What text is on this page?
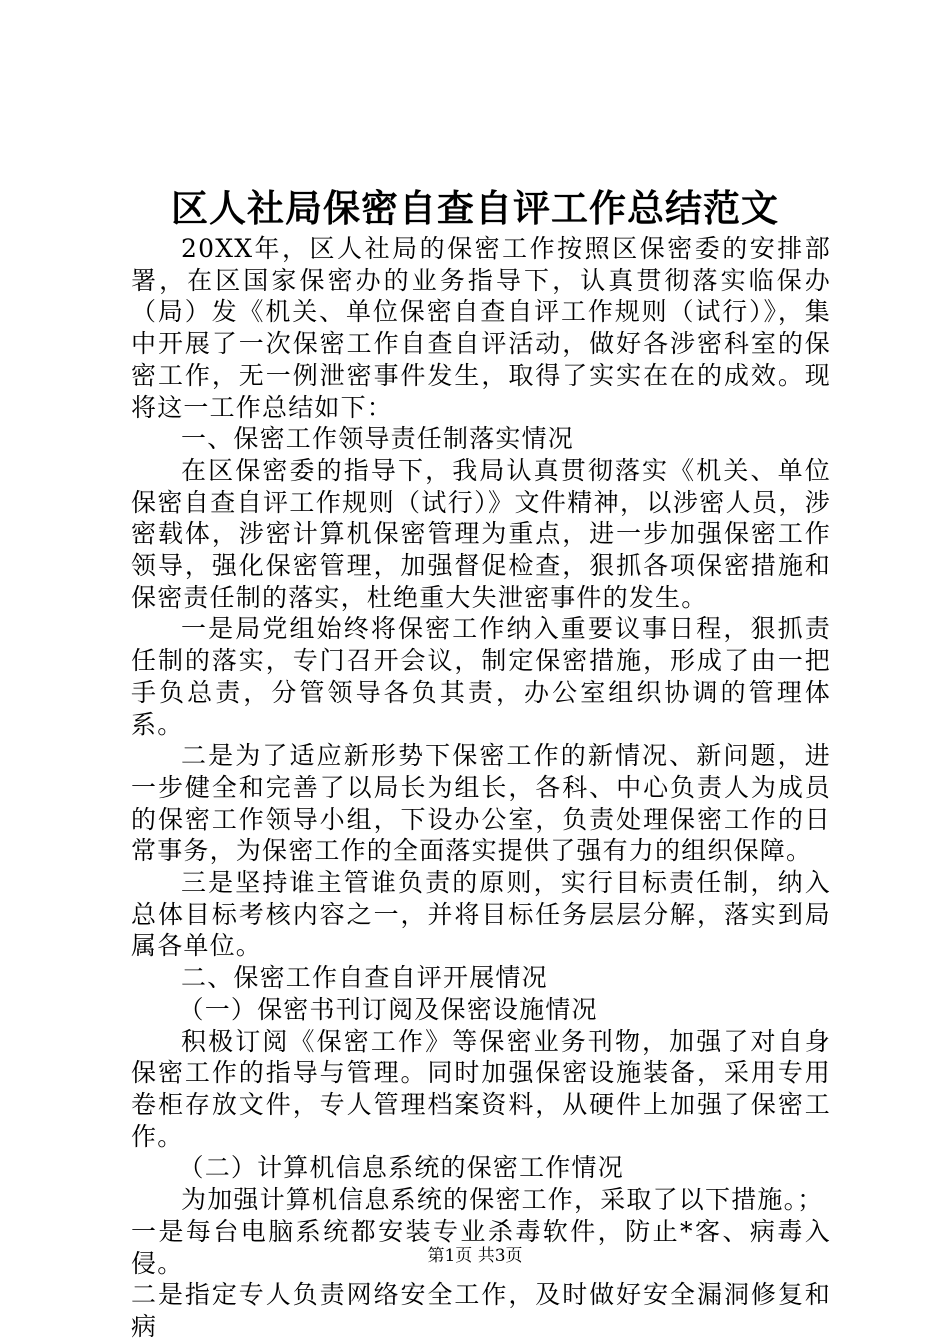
区人社局保密自查自评工作总结范文

20XX年，区人社局的保密工作按照区保密委的安排部署，在区国家保密办的业务指导下，认真贯彻落实临保办（局）发《机关、单位保密自查自评工作规则（试行）》，集中开展了一次保密工作自查自评活动，做好各涉密科室的保密工作，无一例泄密事件发生，取得了实实在在的成效。现将这一工作总结如下：

一、保密工作领导责任制落实情况

在区保密委的指导下，我局认真贯彻落实《机关、单位保密自查自评工作规则（试行）》文件精神，以涉密人员，涉密载体，涉密计算机保密管理为重点，进一步加强保密工作领导，强化保密管理，加强督促检查，狠抓各项保密措施和保密责任制的落实，杜绝重大失泄密事件的发生。

一是局党组始终将保密工作纳入重要议事日程，狠抓责任制的落实，专门召开会议，制定保密措施，形成了由一把手负总责，分管领导各负其责，办公室组织协调的管理体系。

二是为了适应新形势下保密工作的新情况、新问题，进一步健全和完善了以局长为组长，各科、中心负责人为成员的保密工作领导小组，下设办公室，负责处理保密工作的日常事务，为保密工作的全面落实提供了强有力的组织保障。

三是坚持谁主管谁负责的原则，实行目标责任制，纳入总体目标考核内容之一，并将目标任务层层分解，落实到局属各单位。

二、保密工作自查自评开展情况

（一）保密书刊订阅及保密设施情况

积极订阅《保密工作》等保密业务刊物，加强了对自身保密工作的指导与管理。同时加强保密设施装备，采用专用卷柜存放文件，专人管理档案资料，从硬件上加强了保密工作。

（二）计算机信息系统的保密工作情况

为加强计算机信息系统的保密工作，采取了以下措施。；

一是每台电脑系统都安装专业杀毒软件，防止*客、病毒入侵。

二是指定专人负责网络安全工作，及时做好安全漏洞修复和病

第1页 共3页
